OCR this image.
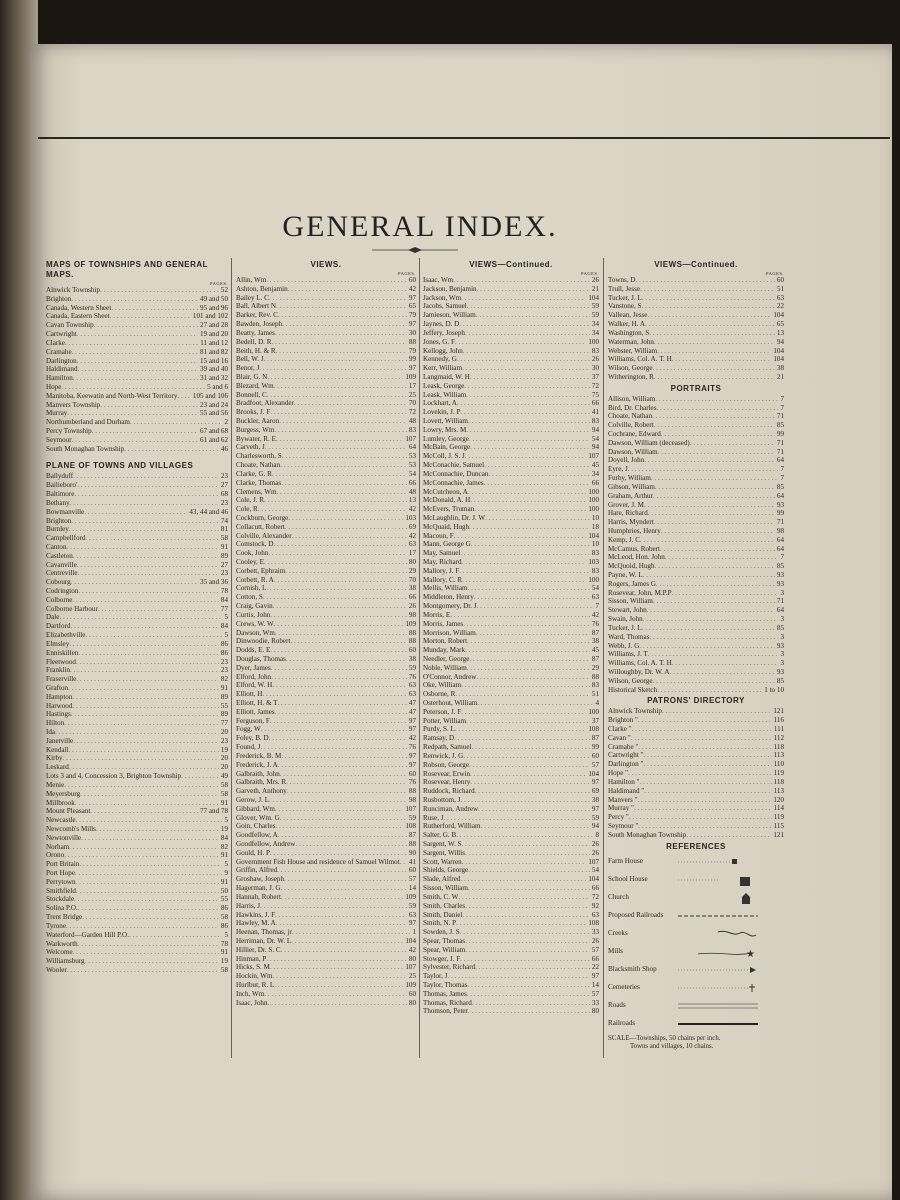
GENERAL INDEX.
MAPS OF TOWNSHIPS AND GENERAL MAPS.
PAGES.
Alnwick Township . . .	52
Brighton . . .	49 and 50
Canada, Western Sheet . . .	95 and 96
Canada, Eastern Sheet . . .	101 and 102
Cavan Township . . .	27 and 28
Cartwright . . .	19 and 20
Clarke . . .	11 and 12
Cramahe . . .	81 and 82
Darlington . . .	15 and 16
Haldimand . . .	39 and 40
Hamilton . . .	31 and 32
Hope . . .	5 and 6
Manitoba, Keewatin and North-West Territory . . . 105 and 106
Manvers Township . . .	23 and 24
Murray . . .	55 and 56
Northumberland and Durham . . .	2
Percy Township . . .	67 and 68
Seymour . . .	61 and 62
South Monaghan Township . . .	46
PLANE OF TOWNS AND VILLAGES
Ballyduff . . .	23
Bailieboro' . . .	27
Baltimore . . .	68
Bethany . . .	23
Bowmanville . . .	43, 44 and 46
Brighton . . .	74
Burnley . . .	81
Campbellford . . .	58
Canton . . .	91
Castleton . . .	89
Cavanville . . .	27
Centreville . . .	23
Cobourg . . .	35 and 36
Codrington . . .	78
Colborne . . .	84
Colborne Harbour . . .	77
Dale . . .	5
Dartford . . .	84
Elizabethville . . .	5
Elmsley . . .	86
Enniskillen . . .	86
Fleetwood . . .	23
Franklin . . .	23
Fraserville . . .	82
Grafton . . .	91
Hampton . . .	89
Harwood . . .	55
Hastings . . .	89
Hilton . . .	77
Ida . . .	20
Janetville . . .	23
Kendall . . .	19
Kirby . . .	20
Leskard . . .	20
Lots 3 and 4, Concession 3, Brighton Township . . .	49
Menie . . .	58
Meyersburg . . .	58
Millbrook . . .	91
Mount Pleasant . . .	77 and 78
Newcastle . . .	5
Newcomb's Mills . . .	19
Newtonville . . .	84
Norham . . .	82
Orono . . .	91
Port Britain . . .	5
Port Hope . . .	9
Perrytown . . .	91
Smithfield . . .	50
Stockdale . . .	55
Solina P.O. . . .	86
Trent Bridge . . .	58
Tyrone . . .	86
Waterford—Garden Hill P.O. . . .	5
Warkworth . . .	78
Welcome . . .	91
Williamsburg . . .	19
Wooler . . .	58
VIEWS.
PAGES.
Allin, Wm . . .	60
Ashton, Benjamin . . .	42
Bailey L. C . . .	97
Ball, Albert N . . .	65
Barker, Rev. C . . .	79
Bawden, Joseph . . .	97
Beatty, James . . .	30
Bedell, D. R . . .	88
Beith, H. & R . . .	79
Bell, W. J . . .	99
Benor, J . . .	97
Blair, G. N . . .	109
Blezard, Wm . . .	17
Bonnell, C . . .	25
Bradfoot, Alexander . . .	70
Brooks, J. F . . .	72
Buckler, Aaron . . .	48
Burgess, Wm . . .	83
Bywater, R. E . . .	107
Carveth, J . . .	64
Charlesworth, S . . .	53
Choate, Nathan . . .	53
Clarke, G. R . . .	54
Clarke, Thomas . . .	66
Clemens, Wm . . .	48
Cole, J. R . . .	13
Cole, R . . .	42
Cockburn, George . . .	103
Collacutt, Robert . . .	69
Colville, Alexander . . .	42
Comstock, D . . .	63
Cook, John . . .	17
Cooley, E . . .	80
Corbett, Ephraim . . .	29
Corbett, R. A . . .	70
Cornish, L . . .	38
Cotton, S . . .	66
Craig, Gavin . . .	26
Curtis, John . . .	98
Crews, W. W . . .	109
Dawson, Wm . . .	88
Dinwoodie, Robert . . .	88
Dodds, E. E . . .	60
Douglas, Thomas . . .	38
Dyer, James . . .	59
Elford, John . . .	76
Elford, W. H . . .	63
Elliott, H . . .	63
Elliott, H. & T . . .	47
Elliott, James . . .	47
Ferguson, F . . .	97
Fogg, W . . .	97
Foley, B. D . . .	42
Found, J . . .	76
Frederick, B. M . . .	97
Frederick, J. A . . .	97
Galbraith, John . . .	60
Galbraith, Mrs. R . . .	76
Garveth, Anthony . . .	88
Gerow, J. L . . .	98
Gibbard, Wm . . .	107
Glover, Wm. G . . .	59
Goin, Charles . . .	108
Goodfellow, A . . .	87
Goodfellow, Andrew . . .	88
Gould, H. P . . .	90
Government Fish House and residence of Samuel Wilmot . . . 41
Griffin, Alfred . . .	60
Groshaw, Joseph . . .	57
Hagerman, J. G . . .	14
Hannah, Robert . . .	109
Harris, J . . .	59
Hawkins, J. F . . .	63
Hawley, M. A . . .	97
Heenan, Thomas, jr . . .	1
Herriman, Dr. W. L . . .	104
Hillier, Dr. S. C . . .	42
Hinman, P . . .	80
Hicks, S. M . . .	107
Hockin, Wm . . .	25
Hurlbut, R. L . . .	109
Inch, Wm . . .	60
Isaac, John . . .	80
VIEWS—Continued.
PAGES.
Isaac, Wm . . .	26
Jackson, Benjamin . . .	21
Jackson, Wm . . .	104
Jacobs, Samuel . . .	59
Jamieson, William . . .	59
Jaynes, D. D . . .	34
Jeffery, Joseph . . .	34
Jones, G. F . . .	100
Kellogg, John . . .	83
Kennedy, G . . .	26
Kerr, William . . .	30
Langmaid, W. H . . .	37
Leask, George . . .	72
Leask, William . . .	75
Lockhart, A . . .	66
Lovekin, J. P . . .	41
Lovett, William . . .	83
Lowry, Mrs. M . . .	94
Lumley, George . . .	54
McBain, George . . .	94
McColl, J. S. J . . .	107
McConachie, Samuel . . .	45
McConnachie, Duncan . . .	34
McConnachie, James . . .	66
McCutcheon, A . . .	100
McDonald, A. H . . .	100
McEvers, Truman . . .	100
McLaughlin, Dr. J. W . . .	10
McQuaid, Hugh . . .	18
Macoun, F . . .	104
Mann, George G . . .	10
May, Samuel . . .	83
May, Richard . . .	103
Mallory, J. F . . .	83
Mallory, C. R . . .	100
Mellis, William . . .	54
Middleton, Henry . . .	63
Montgomery, Dr. J . . .	7
Morris, E . . .	42
Morris, James . . .	76
Morrison, William . . .	87
Morton, Robert . . .	38
Munday, Mark . . .	45
Needler, George . . .	87
Noble, William . . .	29
O'Connor, Andrew . . .	88
Oke, William . . .	83
Osborne, R . . .	51
Osterhout, William . . .	4
Peterson, J. F . . .	100
Potter, William . . .	37
Purdy, S. L . . .	108
Ramsay, D . . .	87
Redpath, Samuel . . .	99
Renwick, J. G . . .	60
Robson, George . . .	57
Rosevear, Erwin . . .	104
Rosevear, Henry . . .	97
Ruddock, Richard . . .	69
Rusbottom, J . . .	38
Runciman, Andrew . . .	97
Ruse, J . . .	59
Rutherford, William . . .	94
Salter, G. B . . .	8
Sargent, W. S . . .	26
Sargent, Willis . . .	26
Scott, Warren . . .	107
Shields, George . . .	54
Slade, Alfred . . .	104
Sisson, William . . .	66
Smith, C. W . . .	72
Smith, Charles . . .	92
Smith, Daniel . . .	63
Smith, N. P . . .	108
Sowden, J. S . . .	33
Spear, Thomas . . .	26
Spear, William . . .	57
Stowger, J. F . . .	66
Sylvester, Richard . . .	22
Taylor, J . . .	97
Taylor, Thomas . . .	14
Thomas, James . . .	57
Thomas, Richard . . .	33
Thomson, Peter . . .	80
VIEWS—Continued.
PAGES.
Towns, D . . .	60
Trull, Jesse . . .	51
Tucker, J. L . . .	63
Vanstone, S . . .	22
Vallean, Jesse . . .	104
Walker, H. A . . .	65
Washington, S . . .	13
Waterman, John . . .	94
Webster, William . . .	104
Williams, Col. A. T. H . . .	104
Wilson, George . . .	38
Witherington, R . . .	21
PORTRAITS
Allison, William . . .	7
Bird, Dr. Charles . . .	7
Choate, Nathan . . .	71
Colville, Robert . . .	85
Cochrane, Edward . . .	99
Dawson, William (deceased) . . .	71
Dawson, William . . .	71
Doyell, John . . .	64
Eyre, J . . .	7
Furby, William . . .	7
Gibson, William . . .	85
Graham, Arthur . . .	64
Grover, J. M . . .	93
Hare, Richard . . .	99
Harris, Myndert . . .	71
Humphries, Henry . . .	98
Kemp, J. C . . .	64
McCamus, Robert . . .	64
McLeod, Hon. John . . .	7
McQuoid, Hugh . . .	85
Payne, W. L . . .	93
Rogers, James G . . .	93
Rosevear, John, M.P.P . . .	3
Sisson, William . . .	71
Stewart, John . . .	64
Swain, John . . .	3
Tucker, J. L . . .	85
Ward, Thomas . . .	3
Webb, J. G . . .	93
Williams, J. T . . .	3
Williams, Col. A. T. H . . .	3
Willoughby, Dr. W. A . . .	93
Wilson, George . . .	85
Historical Sketch . . .	1 to 10
PATRONS' DIRECTORY
Alnwick Township . . .	121
Brighton " . . .	116
Clarke " . . .	111
Cavan " . . .	112
Cramahe " . . .	118
Cartwright " . . .	113
Darlington " . . .	110
Hope " . . .	119
Hamilton " . . .	118
Haldimand " . . .	113
Manvers " . . .	120
Murray " . . .	114
Percy " . . .	119
Seymour " . . .	115
South Monaghan Township . . .	121
REFERENCES
Farm House
School House
Church
Proposed Railroads
Creeks
Mills	★
Blacksmith Shop
Cemeteries
Roads
Railroads
SCALE—Townships, 50 chains per inch.
Towns and villages, 10 chains.
